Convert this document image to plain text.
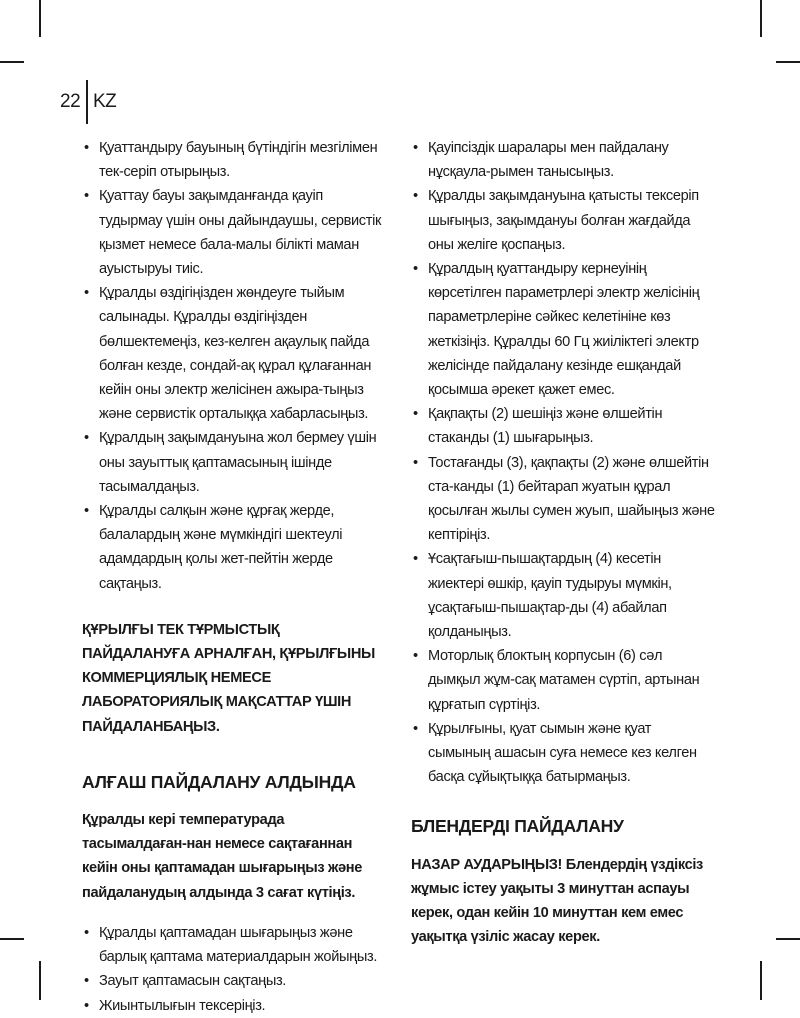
22 KZ
• Қуаттандыру бауының бүтіндігін мезгілімен тек-серіп отырыңыз.
• Қуаттау бауы зақымданғанда қауіп тудырмау үшін оны дайындаушы, сервистік қызмет немесе бала-малы білікті маман ауыстыруы тиіс.
• Құралды өздігіңізден жөндеуге тыйым салынады. Құралды өздігіңізден бөлшектемеңіз, кез-келген ақаулық пайда болған кезде, сондай-ақ құрал құлағаннан кейін оны электр желісінен ажыра-тыңыз және сервистік орталыққа хабарласыңыз.
• Құралдың зақымдануына жол бермеу үшін оны зауыттық қаптамасының ішінде тасымалдаңыз.
• Құралды салқын және құрғақ жерде, балалардың және мүмкіндігі шектеулі адамдардың қолы жет-пейтін жерде сақтаңыз.

ҚҰРЫЛҒЫ ТЕК ТҰРМЫСТЫҚ ПАЙДАЛАНУҒА АРНАЛҒАН, ҚҰРЫЛҒЫНЫ КОММЕРЦИЯЛЫҚ НЕМЕСЕ ЛАБОРАТОРИЯЛЫҚ МАҚСАТТАР ҮШІН ПАЙДАЛАНБАҢЫЗ.

АЛҒАШ ПАЙДАЛАНУ АЛДЫНДА

Құралды кері температурада тасымалдаған-нан немесе сақтағаннан кейін оны қаптамадан шығарыңыз және пайдаланудың алдында 3 сағат күтіңіз.

• Құралды қаптамадан шығарыңыз және барлық қаптама материалдарын жойыңыз.
• Зауыт қаптамасын сақтаңыз.
• Жиынтылығын тексеріңіз.
• Қауіпсіздік шаралары мен пайдалану нұсқаула-рымен танысыңыз.
• Құралды зақымдануына қатысты тексеріп шығыңыз, зақымдануы болған жағдайда оны желіге қоспаңыз.
• Құралдың қуаттандыру кернеуінің көрсетілген параметрлері электр желісінің параметрлеріне сәйкес келетініне көз жеткізіңіз. Құралды 60 Гц жиіліктегі электр желісінде пайдалану кезінде ешқандай қосымша әрекет қажет емес.
• Қақпақты (2) шешіңіз және өлшейтін стаканды (1) шығарыңыз.
• Тостағанды (3), қақпақты (2) және өлшейтін ста-канды (1) бейтарап жуатын құрал қосылған жылы сумен жуып, шайыңыз және кептіріңіз.
• Ұсақтағыш-пышақтардың (4) кесетін жиектері өшкір, қауіп тудыруы мүмкін, ұсақтағыш-пышақтар-ды (4) абайлап қолданыңыз.
• Моторлық блоктың корпусын (6) сәл дымқыл жұм-сақ матамен сүртіп, артынан құрғатып сүртіңіз.
• Құрылғыны, қуат сымын және қуат сымының ашасын суға немесе кез келген басқа сұйықтыққа батырмаңыз.
БЛЕНДЕРДІ ПАЙДАЛАНУ

НАЗАР АУДАРЫҢЫЗ! Блендердің үздіксіз жұмыс істеу уақыты 3 минуттан аспауы керек, одан кейін 10 минуттан кем емес уақытқа үзіліс жасау керек.
